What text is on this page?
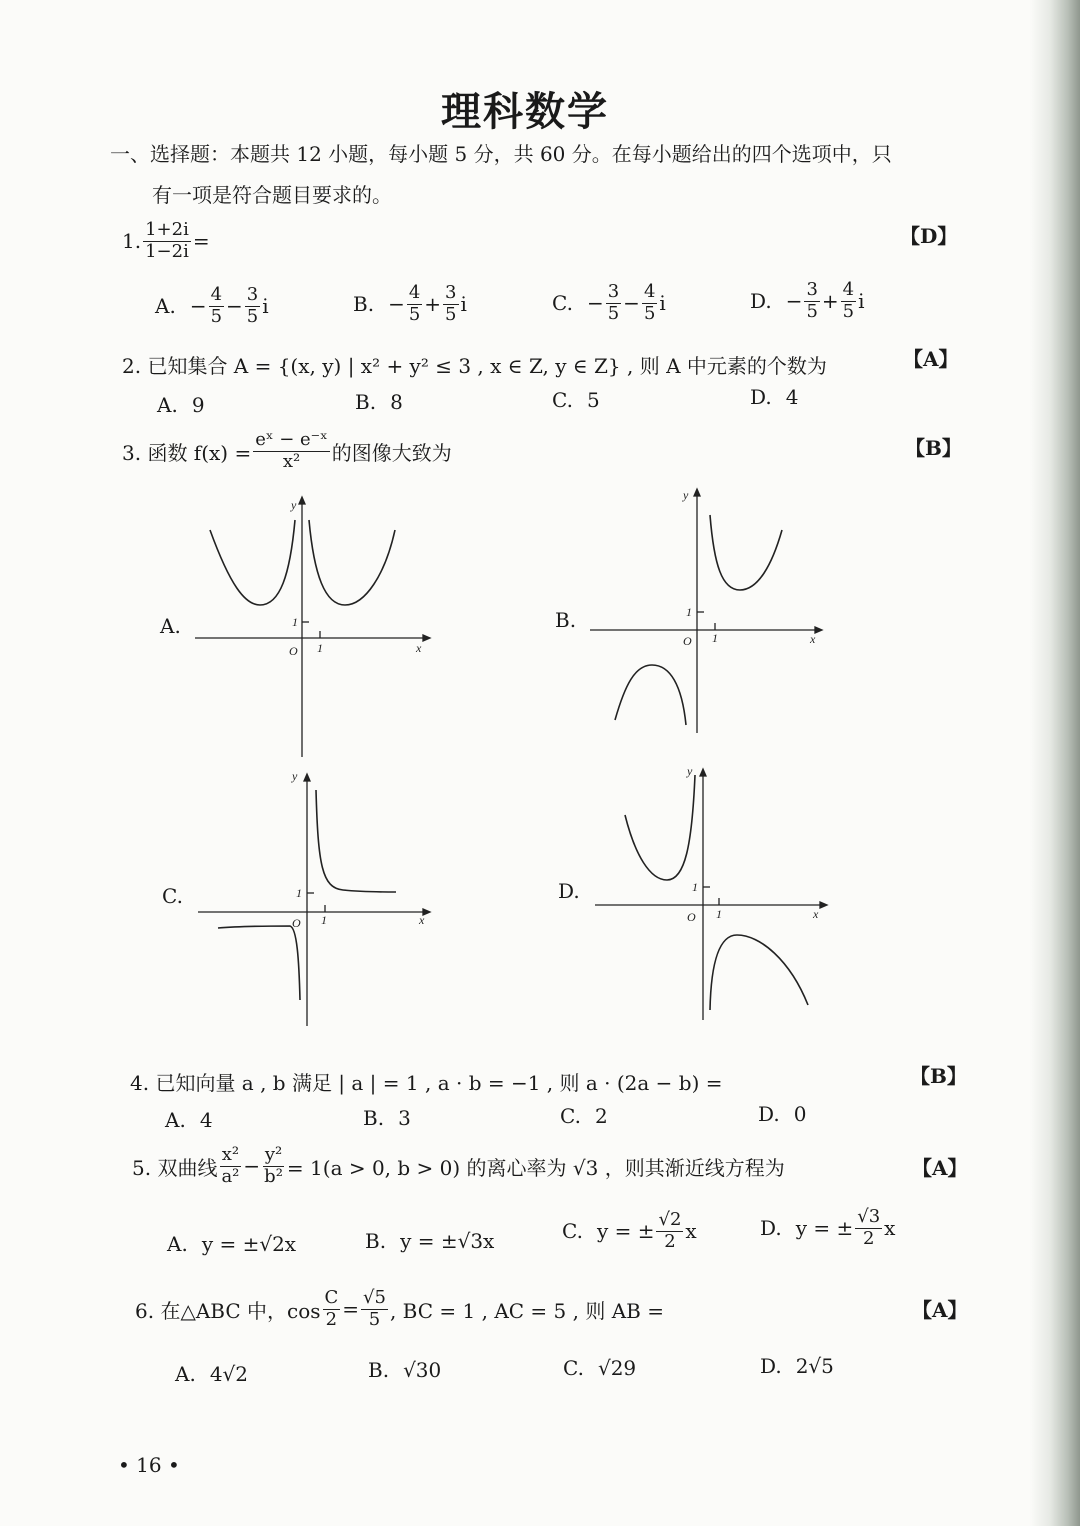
理科数学
一、选择题：本题共 12 小题，每小题 5 分，共 60 分。在每小题给出的四个选项中，只
有一项是符合题目要求的。
1. $\frac{1+2i}{1-2i}$ =	【D】
A. − $\frac{4}{5} - \frac{3}{5}$ i	B. − $\frac{4}{5} + \frac{3}{5}$ i	C. − $\frac{3}{5} - \frac{4}{5}$ i	D. − $\frac{3}{5} + \frac{4}{5}$ i
2. 已知集合 A = {(x, y) | x² + y² ≤ 3 , x ∈ Z, y ∈ Z} , 则 A 中元素的个数为	【A】
A. 9	B. 8	C. 5	D. 4
3. 函数 $f(x) = \frac{\text{eˣ − e⁻ˣ}}{\text{x²}}$ 的图像大致为	【B】
A.
y
1
O 1	x
B.
y
1
O 1	x
C.
y
1
O 1	x
D.
y
1
O 1	x
4. 已知向量 a , b 满足 | a | = 1 , a · b = −1 , 则 a · (2a − b) =	【B】
A. 4	B. 3	C. 2	D. 0
5. 双曲线 $\frac{\text{x²}}{\text{a²}} - \frac{\text{y²}}{\text{b²}} = 1(a > 0$, b > 0) 的离心率为 √3 ，则其渐近线方程为	【A】
A. y = ±√2x	B. y = ±√3x	C. y = ± $\frac{√2}{2}$ x	D. y = ± $\frac{√3}{2}$ x
6. 在△ABC 中，$\cos \frac{C}{2} = \frac{√5}{5}$ , BC = 1 , AC = 5 , 则 AB =	【A】
A. 4√2	B. √30	C. √29	D. 2√5
• 16 •
